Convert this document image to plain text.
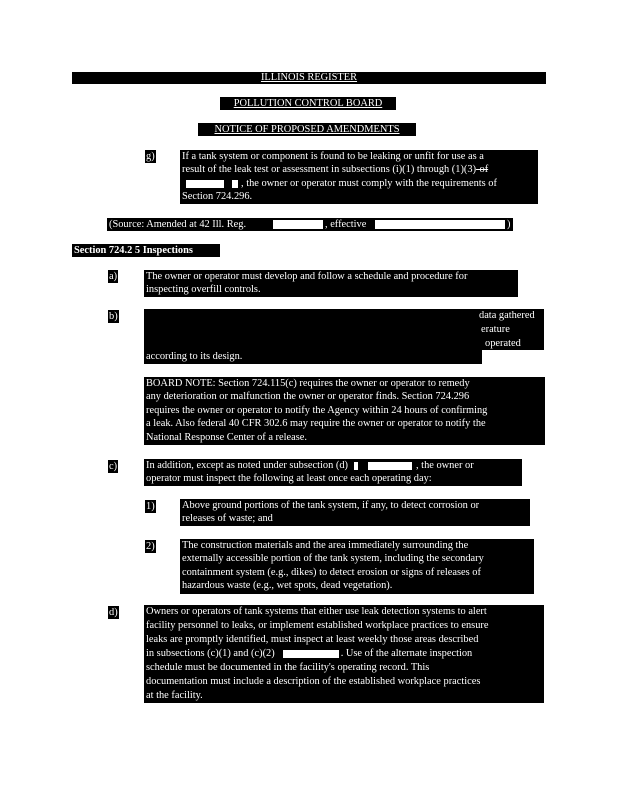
ILLINOIS REGISTER
POLLUTION CONTROL BOARD
NOTICE OF PROPOSED AMENDMENTS
g)	If a tank system or component is found to be leaking or unfit for use as a
result of the leak test or assessment in subsections (i)(1) through (1)(3)-of
, the owner or operator must comply with the requirements of
Section 724.296.
(Source: Amended at 42 Ill. Reg.	, effective	)
Section 724.2 5 Inspections
a)	The owner or operator must develop and follow a schedule and procedure for
inspecting overfill controls.
b)	data gathered
erature
operated
according to its design.
BOARD NOTE: Section 724.115(c) requires the owner or operator to remedy
any deterioration or malfunction the owner or operator finds. Section 724.296
requires the owner or operator to notify the Agency within 24 hours of confirming
a leak. Also federal 40 CFR 302.6 may require the owner or operator to notify the
National Response Center of a release.
c)	In addition, except as noted under subsection (d)	, the owner or
operator must inspect the following at least once each operating day:
1)	Above ground portions of the tank system, if any, to detect corrosion or
releases of waste; and
2)	The construction materials and the area immediately surrounding the
externally accessible portion of the tank system, including the secondary
containment system (e.g., dikes) to detect erosion or signs of releases of
hazardous waste (e.g., wet spots, dead vegetation).
d)	Owners or operators of tank systems that either use leak detection systems to alert
facility personnel to leaks, or implement established workplace practices to ensure
leaks are promptly identified, must inspect at least weekly those areas described
in subsections (c)(1) and (c)(2)	. Use of the alternate inspection
schedule must be documented in the facility's operating record. This
documentation must include a description of the established workplace practices
at the facility.
